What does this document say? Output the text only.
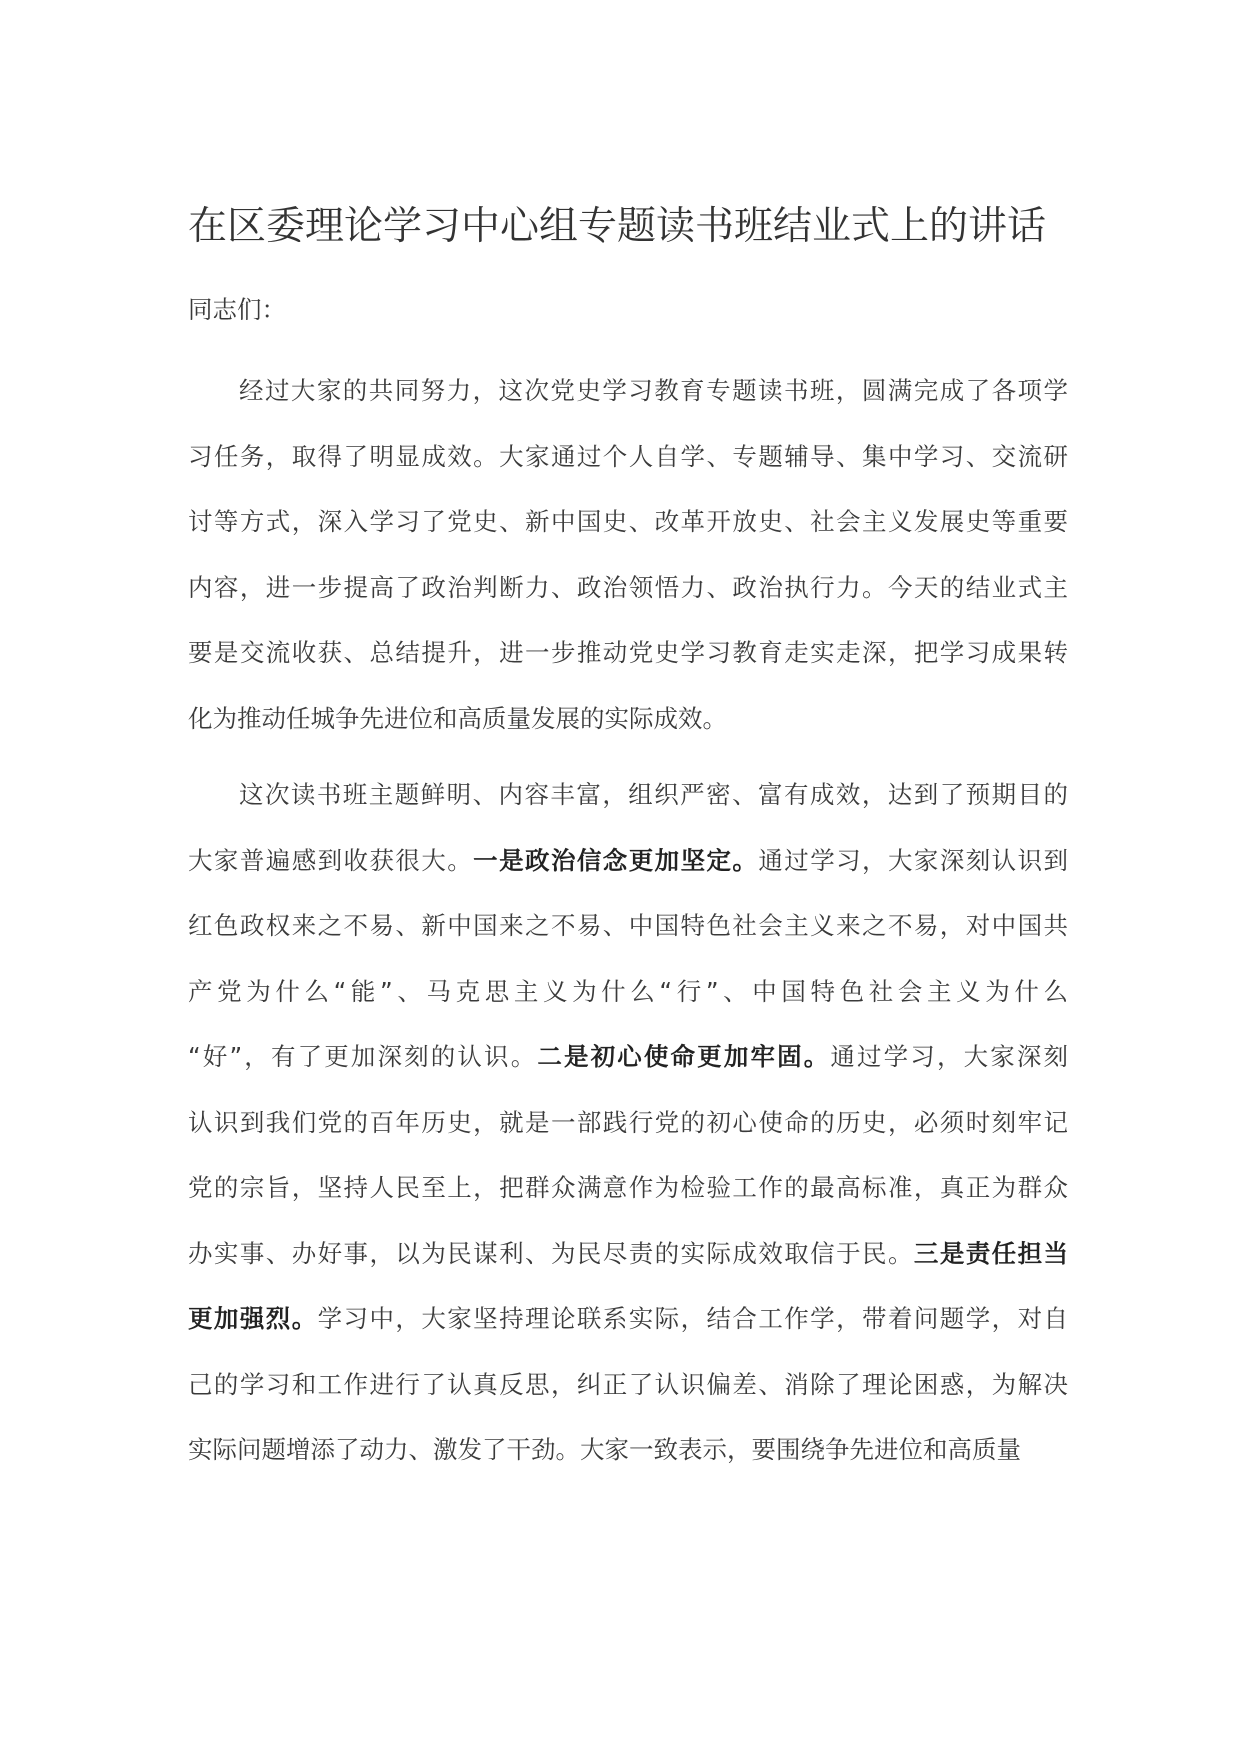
在区委理论学习中心组专题读书班结业式上的讲话

同志们：

经过大家的共同努力，这次党史学习教育专题读书班，圆满完成了各项学
习任务，取得了明显成效。大家通过个人自学、专题辅导、集中学习、交流研
讨等方式，深入学习了党史、新中国史、改革开放史、社会主义发展史等重要
内容，进一步提高了政治判断力、政治领悟力、政治执行力。今天的结业式主
要是交流收获、总结提升，进一步推动党史学习教育走实走深，把学习成果转
化为推动任城争先进位和高质量发展的实际成效。
这次读书班主题鲜明、内容丰富，组织严密、富有成效，达到了预期目的
大家普遍感到收获很大。一是政治信念更加坚定。通过学习，大家深刻认识到
红色政权来之不易、新中国来之不易、中国特色社会主义来之不易，对中国共
产党为什么“能”、马克思主义为什么“行”、中国特色社会主义为什么
“好”，有了更加深刻的认识。二是初心使命更加牢固。通过学习，大家深刻
认识到我们党的百年历史，就是一部践行党的初心使命的历史，必须时刻牢记
党的宗旨，坚持人民至上，把群众满意作为检验工作的最高标准，真正为群众
办实事、办好事，以为民谋利、为民尽责的实际成效取信于民。三是责任担当
更加强烈。学习中，大家坚持理论联系实际，结合工作学，带着问题学，对自
己的学习和工作进行了认真反思，纠正了认识偏差、消除了理论困惑，为解决
实际问题增添了动力、激发了干劲。大家一致表示，要围绕争先进位和高质量
